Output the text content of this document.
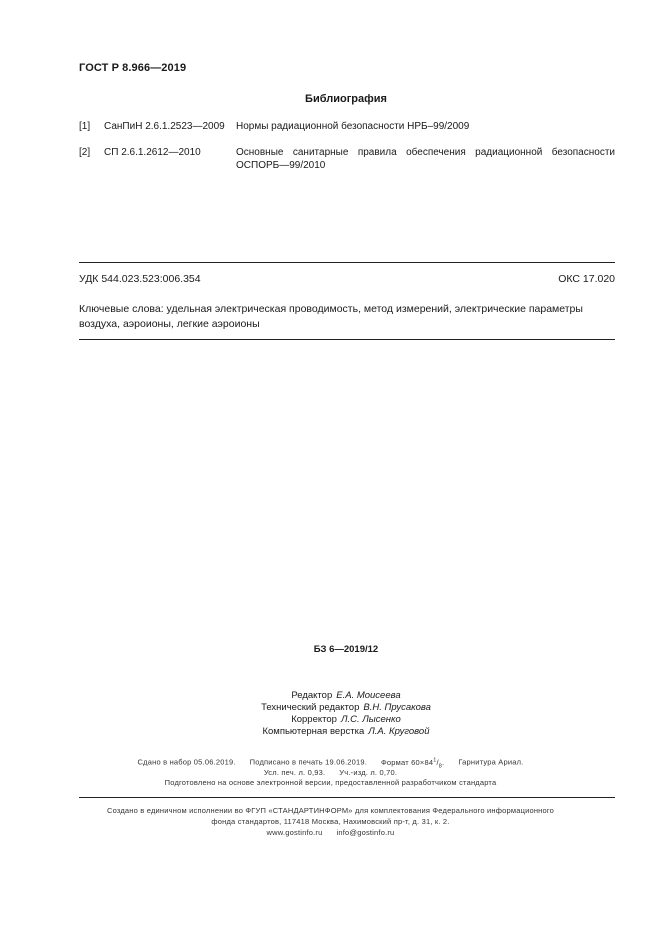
ГОСТ Р 8.966—2019
Библиография
[1] СанПиН 2.6.1.2523—2009 Нормы радиационной безопасности НРБ–99/2009
[2] СП 2.6.1.2612—2010	Основные санитарные правила обеспечения радиационной безопасности ОСПОРБ—99/2010
УДК 544.023.523:006.354	ОКС 17.020
Ключевые слова: удельная электрическая проводимость, метод измерений, электрические параметры воздуха, аэроионы, легкие аэроионы
БЗ 6—2019/12
Редактор Е.А. Моисеева
Технический редактор В.Н. Прусакова
Корректор Л.С. Лысенко
Компьютерная верстка Л.А. Круговой
Сдано в набор 05.06.2019. Подписано в печать 19.06.2019. Формат $60\times 84^1/_8$. Гарнитура Ариал.
Усл. печ. л. 0,93. Уч.-изд. л. 0,70.
Подготовлено на основе электронной версии, предоставленной разработчиком стандарта
Создано в единичном исполнении во ФГУП «СТАНДАРТИНФОРМ» для комплектования Федерального информационного
фонда стандартов, 117418 Москва, Нахимовский пр-т, д. 31, к. 2.
www.gostinfo.ru info@gostinfo.ru
